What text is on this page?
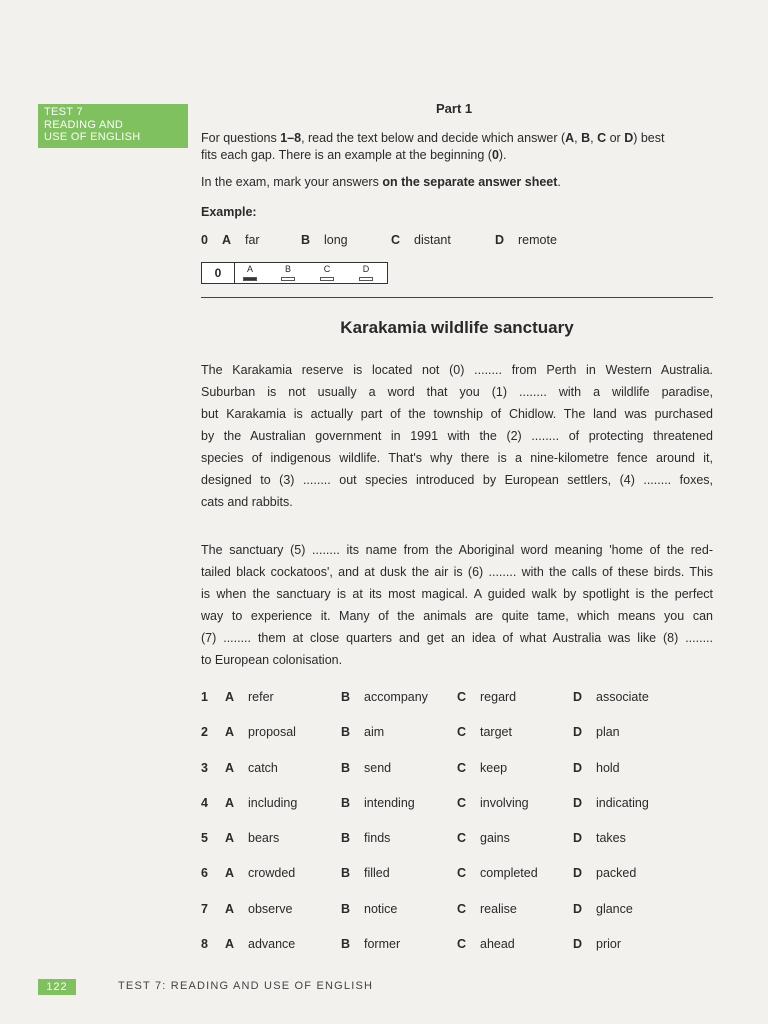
TEST 7
READING AND
USE OF ENGLISH
Part 1
For questions 1–8, read the text below and decide which answer (A, B, C or D) best
fits each gap. There is an example at the beginning (0).
In the exam, mark your answers on the separate answer sheet.
Example:
0 A far	B long	C distant	D remote
0	A	B	C	D
Karakamia wildlife sanctuary
The Karakamia reserve is located not (0) ........ from Perth in Western Australia.
Suburban is not usually a word that you (1) ........ with a wildlife paradise,
but Karakamia is actually part of the township of Chidlow. The land was purchased
by the Australian government in 1991 with the (2) ........ of protecting threatened
species of indigenous wildlife. That's why there is a nine-kilometre fence around it,
designed to (3) ........ out species introduced by European settlers, (4) ........ foxes,
cats and rabbits.
The sanctuary (5) ........ its name from the Aboriginal word meaning 'home of the red-
tailed black cockatoos', and at dusk the air is (6) ........ with the calls of these birds. This
is when the sanctuary is at its most magical. A guided walk by spotlight is the perfect
way to experience it. Many of the animals are quite tame, which means you can
(7) ........ them at close quarters and get an idea of what Australia was like (8) ........
to European colonisation.
1 A refer	B accompany C regard	D associate
2 A proposal	B aim	C target	D plan
3 A catch	B send	C keep	D hold
4 A including	B intending	C involving	D indicating
5 A bears	B finds	C gains	D takes
6 A crowded	B filled	C completed	D packed
7 A observe	B notice	C realise	D glance
8 A advance	B former	C ahead	D prior
122	TEST 7: READING AND USE OF ENGLISH
